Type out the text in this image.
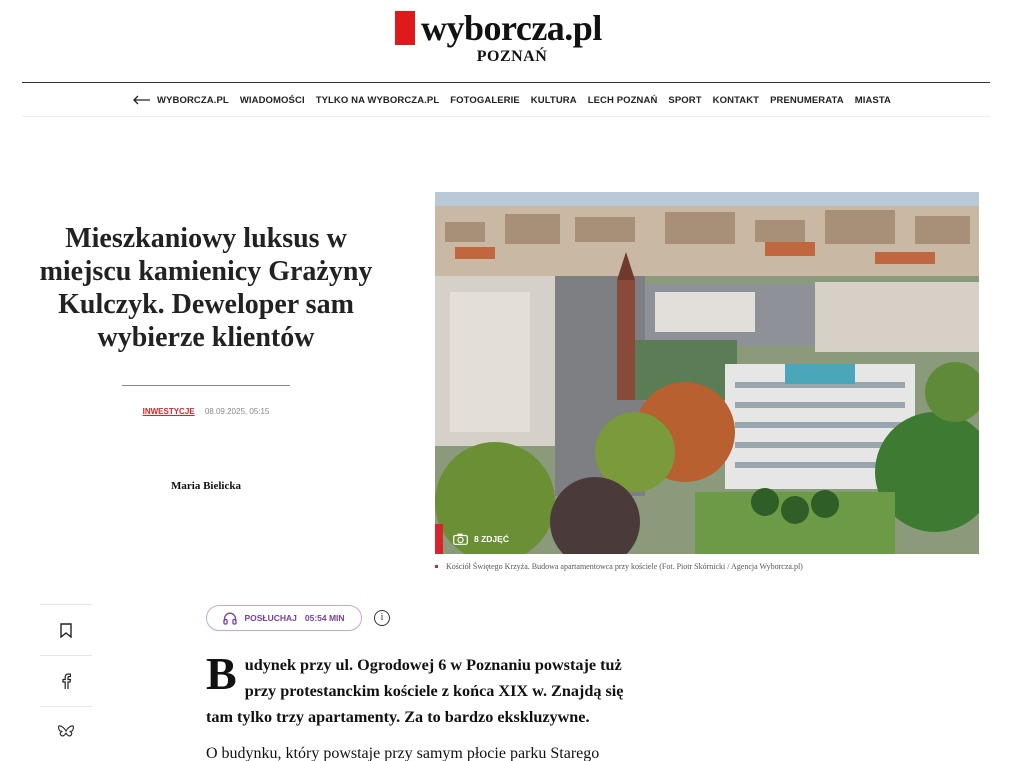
wyborcza.pl
POZNAŃ
WYBORCZA.PL WIADOMOŚCI TYLKO NA WYBORCZA.PL FOTOGALERIE KULTURA LECH POZNAŃ SPORT KONTAKT PRENUMERATA MIASTA
Mieszkaniowy luksus w miejscu kamienicy Grażyny Kulczyk. Deweloper sam wybierze klientów
INWESTYCJE 08.09.2025, 05:15
Maria Bielicka
8 ZDJĘĆ
Kościół Świętego Krzyża. Budowa apartamentowca przy kościele (Fot. Piotr Skórnicki / Agencja Wyborcza.pl)
POSŁUCHAJ 05:54 MIN	i

Budynek przy ul. Ogrodowej 6 w Poznaniu powstaje tuż przy protestanckim kościele z końca XIX w. Znajdą się tam tylko trzy apartamenty. Za to bardzo ekskluzywne.

O budynku, który powstaje przy samym płocie parku Starego
